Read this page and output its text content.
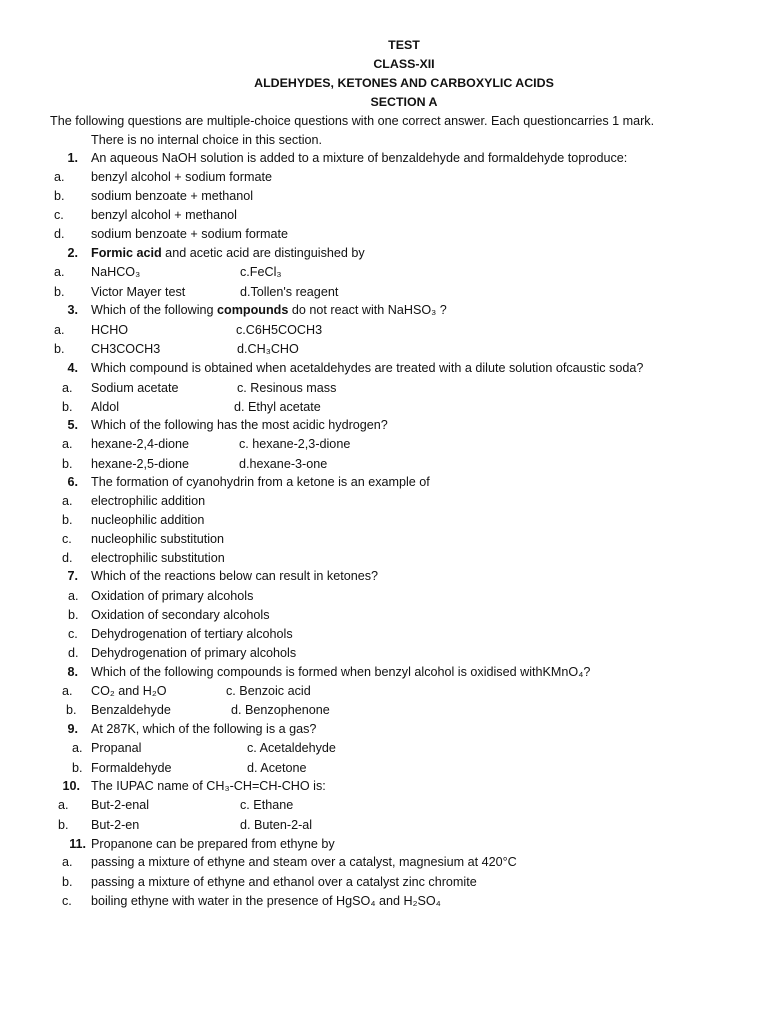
TEST
CLASS-XII
ALDEHYDES, KETONES AND CARBOXYLIC ACIDS
SECTION A
The following questions are multiple-choice questions with one correct answer. Each questioncarries 1 mark.
There is no internal choice in this section.
1. An aqueous NaOH solution is added to a mixture of benzaldehyde and formaldehyde toproduce:
a. benzyl alcohol + sodium formate
b. sodium benzoate + methanol
c. benzyl alcohol + methanol
d. sodium benzoate + sodium formate
2. Formic acid and acetic acid are distinguished by
a. NaHCO₃	c.FeCl₃
b. Victor Mayer test	d.Tollen's reagent
3. Which of the following compounds do not react with NaHSO₃ ?
a. HCHO	c.C6H5COCH3
b. CH3COCH3	d.CH₃CHO
4. Which compound is obtained when acetaldehydes are treated with a dilute solution ofcaustic soda?
a. Sodium acetate	c. Resinous mass
b. Aldol	d. Ethyl acetate
5. Which of the following has the most acidic hydrogen?
a. hexane-2,4-dione	c. hexane-2,3-dione
b. hexane-2,5-dione	d.hexane-3-one
6. The formation of cyanohydrin from a ketone is an example of
a. electrophilic addition
b. nucleophilic addition
c. nucleophilic substitution
d. electrophilic substitution
7. Which of the reactions below can result in ketones?
a. Oxidation of primary alcohols
b. Oxidation of secondary alcohols
c. Dehydrogenation of tertiary alcohols
d. Dehydrogenation of primary alcohols
8. Which of the following compounds is formed when benzyl alcohol is oxidised withKMnO₄?
a. CO₂ and H₂O	c. Benzoic acid
b. Benzaldehyde	d. Benzophenone
9. At 287K, which of the following is a gas?
a. Propanal	c. Acetaldehyde
b. Formaldehyde	d. Acetone
10. The IUPAC name of CH₃-CH=CH-CHO is:
a. But-2-enal	c. Ethane
b. But-2-en	d. Buten-2-al
11. Propanone can be prepared from ethyne by
a. passing a mixture of ethyne and steam over a catalyst, magnesium at 420°C
b. passing a mixture of ethyne and ethanol over a catalyst zinc chromite
c. boiling ethyne with water in the presence of HgSO₄ and H₂SO₄
